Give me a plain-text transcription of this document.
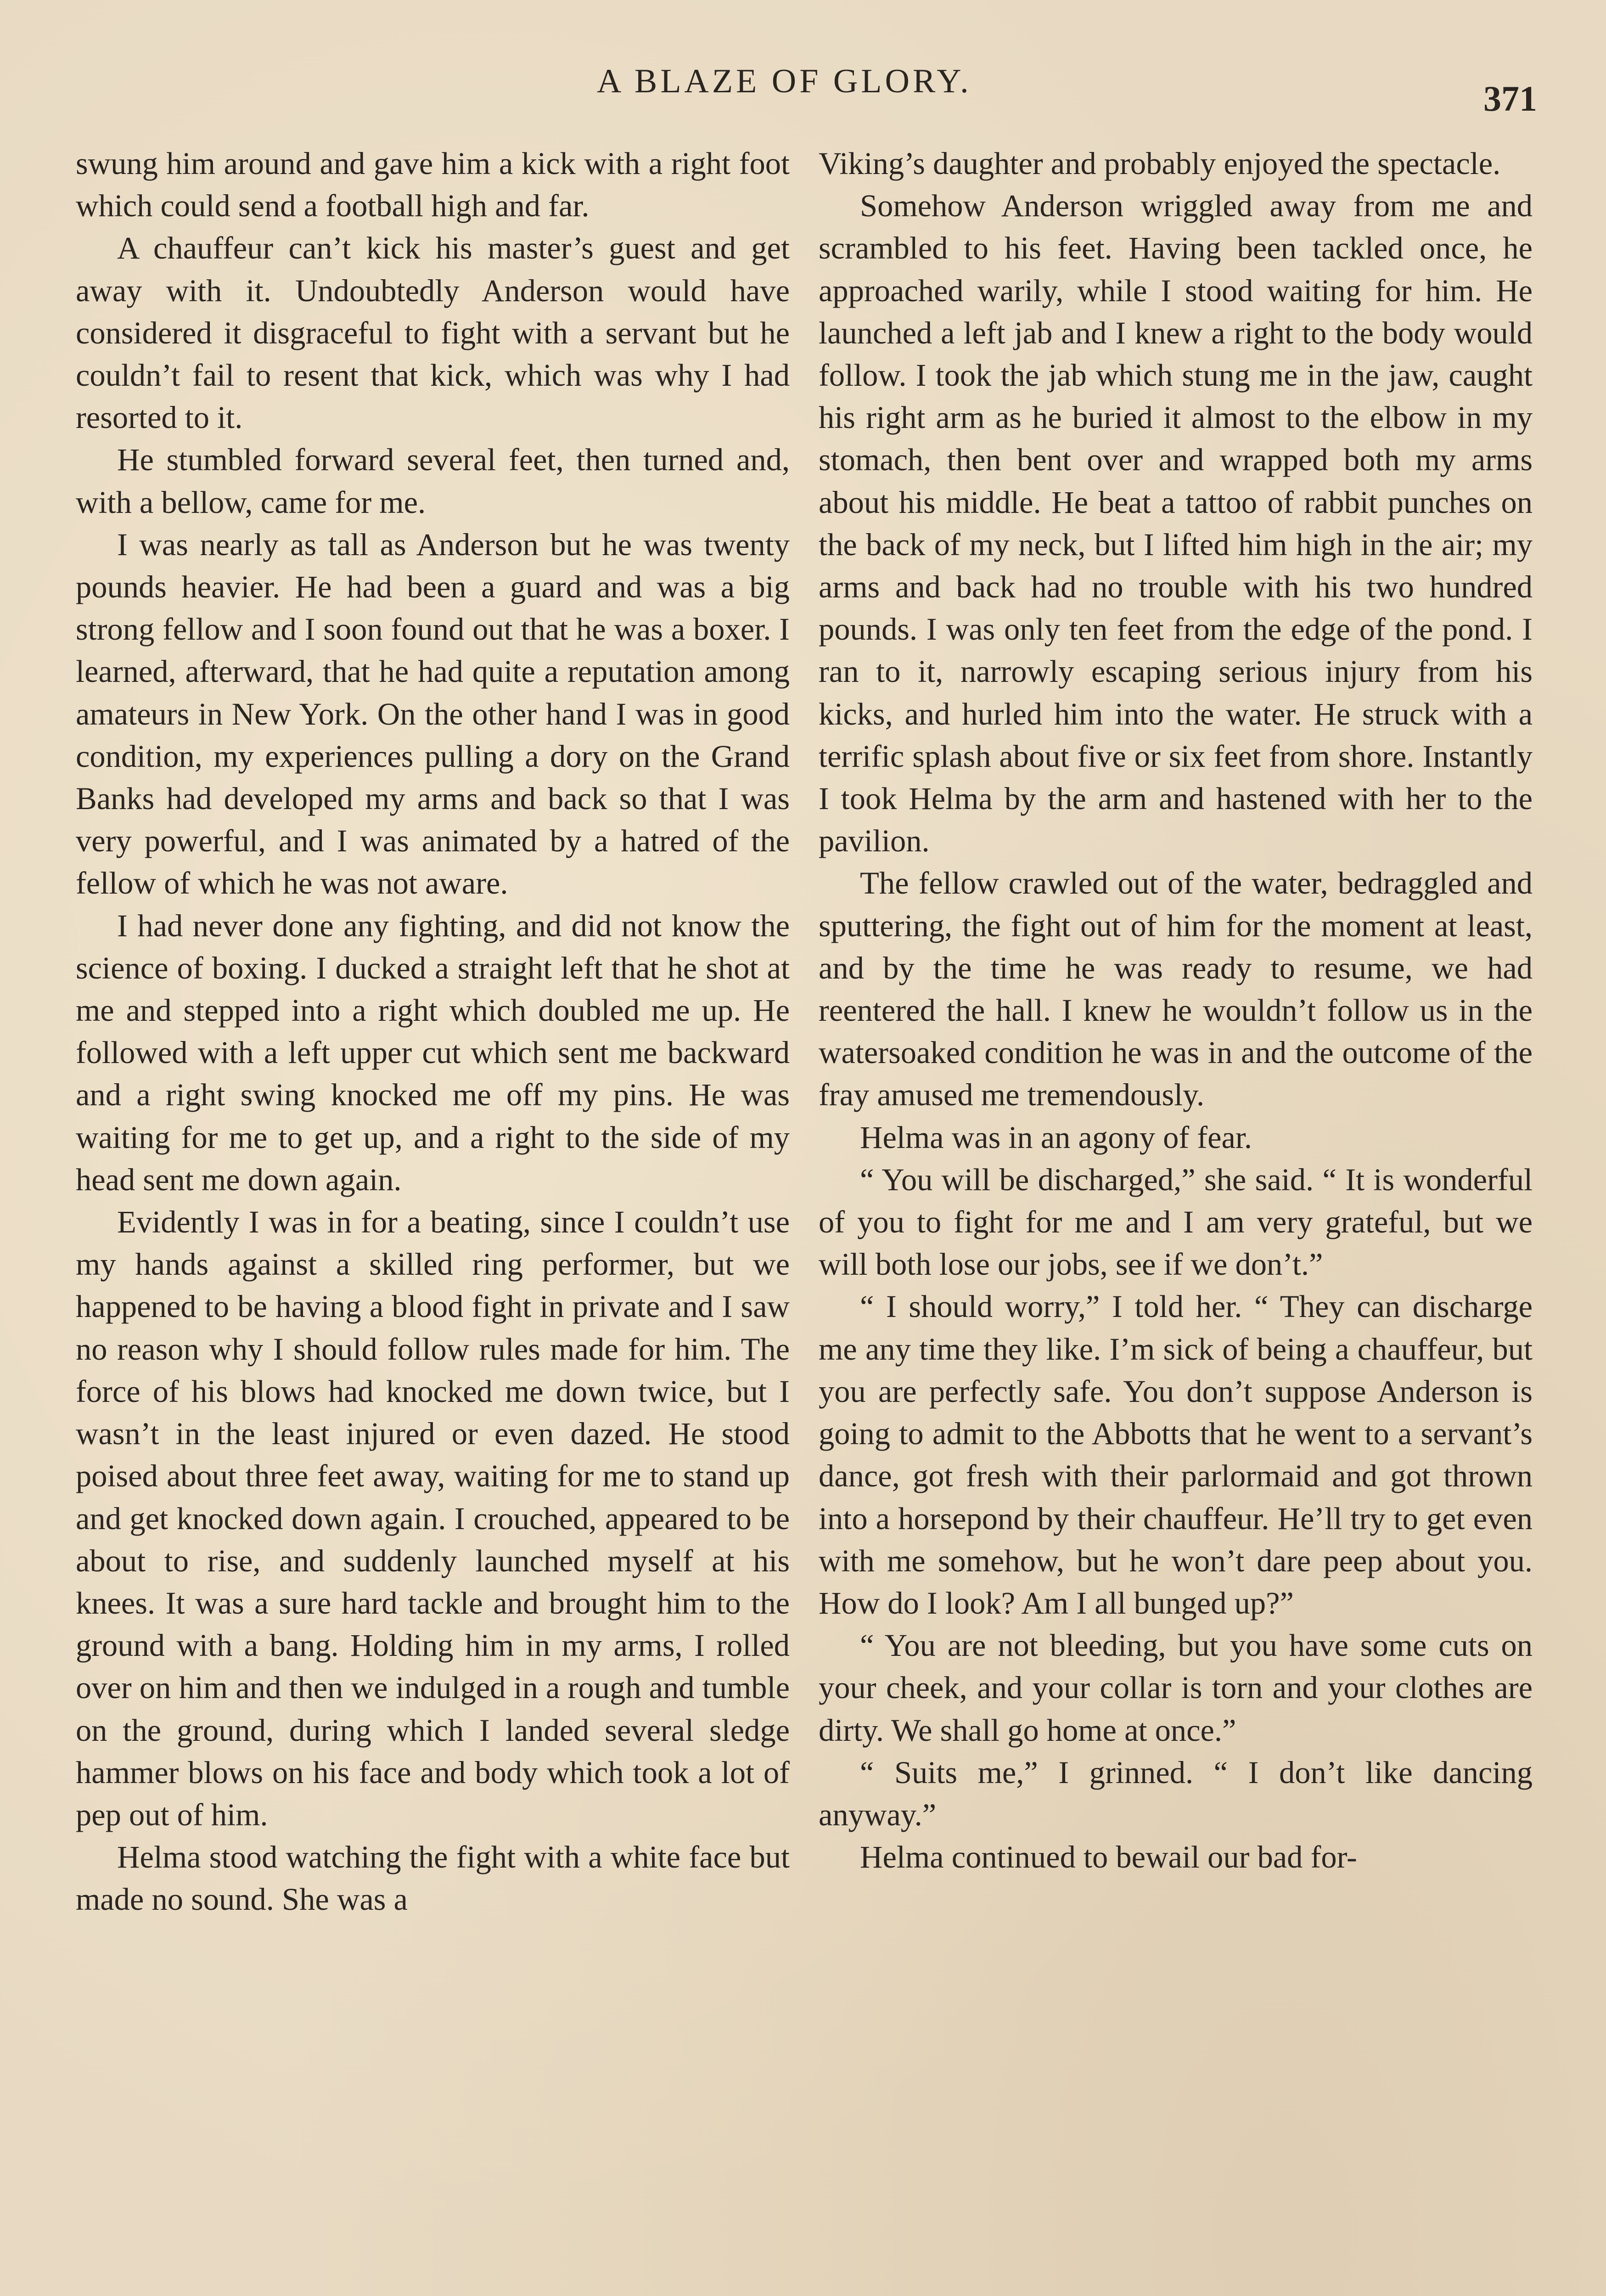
A BLAZE OF GLORY.	371

swung him around and gave him a kick with a right foot which could send a football high and far.

A chauffeur can’t kick his master’s guest and get away with it. Undoubtedly Anderson would have considered it disgraceful to fight with a servant but he couldn’t fail to resent that kick, which was why I had resorted to it.

He stumbled forward several feet, then turned and, with a bellow, came for me.

I was nearly as tall as Anderson but he was twenty pounds heavier. He had been a guard and was a big strong fellow and I soon found out that he was a boxer. I learned, afterward, that he had quite a reputation among amateurs in New York. On the other hand I was in good condition, my experiences pulling a dory on the Grand Banks had developed my arms and back so that I was very powerful, and I was animated by a hatred of the fellow of which he was not aware.

I had never done any fighting, and did not know the science of boxing. I ducked a straight left that he shot at me and stepped into a right which doubled me up. He followed with a left upper cut which sent me backward and a right swing knocked me off my pins. He was waiting for me to get up, and a right to the side of my head sent me down again.

Evidently I was in for a beating, since I couldn’t use my hands against a skilled ring performer, but we happened to be having a blood fight in private and I saw no reason why I should follow rules made for him. The force of his blows had knocked me down twice, but I wasn’t in the least injured or even dazed. He stood poised about three feet away, waiting for me to stand up and get knocked down again. I crouched, appeared to be about to rise, and suddenly launched myself at his knees. It was a sure hard tackle and brought him to the ground with a bang. Holding him in my arms, I rolled over on him and then we indulged in a rough and tumble on the ground, during which I landed several sledge hammer blows on his face and body which took a lot of pep out of him.

Helma stood watching the fight with a white face but made no sound. She was a

Viking’s daughter and probably enjoyed the spectacle.

Somehow Anderson wriggled away from me and scrambled to his feet. Having been tackled once, he approached warily, while I stood waiting for him. He launched a left jab and I knew a right to the body would follow. I took the jab which stung me in the jaw, caught his right arm as he buried it almost to the elbow in my stomach, then bent over and wrapped both my arms about his middle. He beat a tattoo of rabbit punches on the back of my neck, but I lifted him high in the air; my arms and back had no trouble with his two hundred pounds. I was only ten feet from the edge of the pond. I ran to it, narrowly escaping serious injury from his kicks, and hurled him into the water. He struck with a terrific splash about five or six feet from shore. Instantly I took Helma by the arm and hastened with her to the pavilion.

The fellow crawled out of the water, bedraggled and sputtering, the fight out of him for the moment at least, and by the time he was ready to resume, we had reentered the hall. I knew he wouldn’t follow us in the watersoaked condition he was in and the outcome of the fray amused me tremendously.

Helma was in an agony of fear.

“ You will be discharged,” she said. “ It is wonderful of you to fight for me and I am very grateful, but we will both lose our jobs, see if we don’t.”

“ I should worry,” I told her. “ They can discharge me any time they like. I’m sick of being a chauffeur, but you are perfectly safe. You don’t suppose Anderson is going to admit to the Abbotts that he went to a servant’s dance, got fresh with their parlormaid and got thrown into a horsepond by their chauffeur. He’ll try to get even with me somehow, but he won’t dare peep about you. How do I look? Am I all bunged up?”

“ You are not bleeding, but you have some cuts on your cheek, and your collar is torn and your clothes are dirty. We shall go home at once.”

“ Suits me,” I grinned. “ I don’t like dancing anyway.”

Helma continued to bewail our bad for-
